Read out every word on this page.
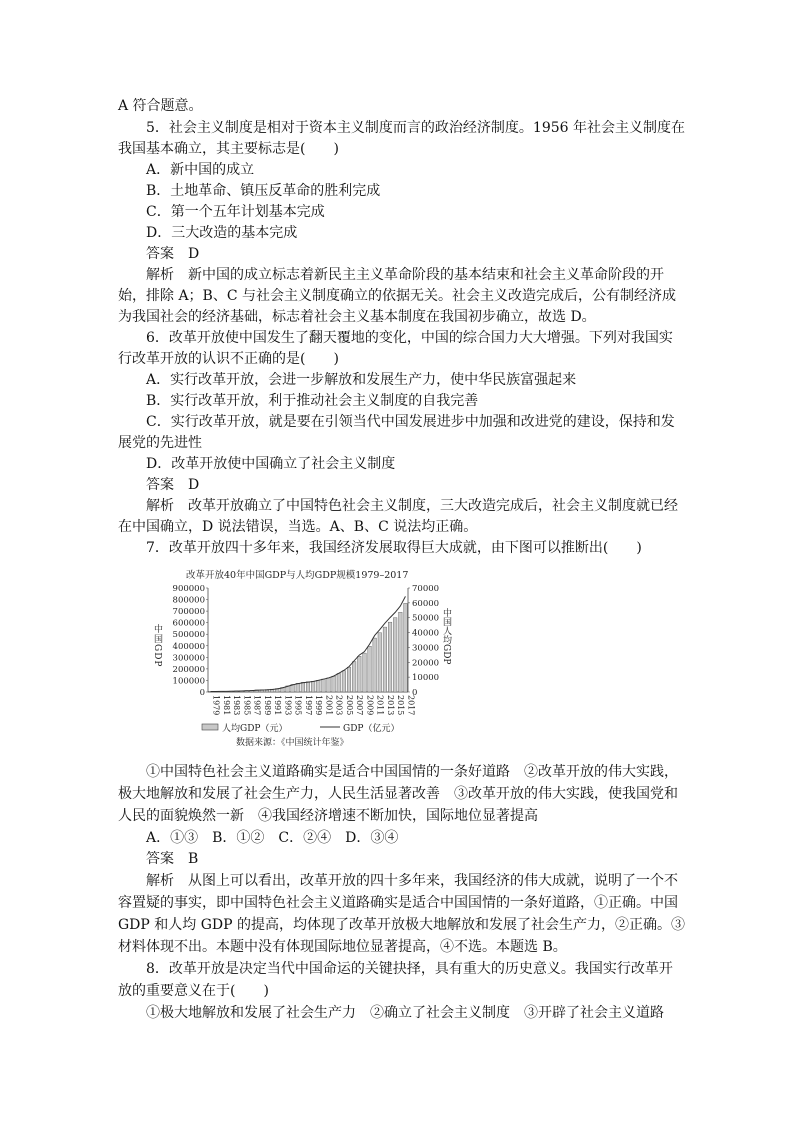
A 符合题意。
5．社会主义制度是相对于资本主义制度而言的政治经济制度。1956 年社会主义制度在
我国基本确立，其主要标志是(　　)
A．新中国的成立
B．土地革命、镇压反革命的胜利完成
C．第一个五年计划基本完成
D．三大改造的基本完成
答案　D
解析　新中国的成立标志着新民主主义革命阶段的基本结束和社会主义革命阶段的开
始，排除 A；B、C 与社会主义制度确立的依据无关。社会主义改造完成后，公有制经济成
为我国社会的经济基础，标志着社会主义基本制度在我国初步确立，故选 D。
6．改革开放使中国发生了翻天覆地的变化，中国的综合国力大大增强。下列对我国实
行改革开放的认识不正确的是(　　)
A．实行改革开放，会进一步解放和发展生产力，使中华民族富强起来
B．实行改革开放，利于推动社会主义制度的自我完善
C．实行改革开放，就是要在引领当代中国发展进步中加强和改进党的建设，保持和发
展党的先进性
D．改革开放使中国确立了社会主义制度
答案　D
解析　改革开放确立了中国特色社会主义制度，三大改造完成后，社会主义制度就已经
在中国确立，D 说法错误，当选。A、B、C 说法均正确。
7．改革开放四十多年来，我国经济发展取得巨大成就，由下图可以推断出(　　)
改革开放40年中国GDP与人均GDP规模1979–2017
900000
800000
700000
600000
500000
400000
300000
200000
100000
0
70000
60000
50000
40000
30000
20000
10000
0
1979 1981 1983 1985 1987 1989 1991 1993 1995 1997 1999 2001 2003 2005 2007 2009 2011 2013 2015 2017
中国GDP	中国人均GDP
人均GDP（元）	GDP（亿元）
数据来源：《中国统计年鉴》
①中国特色社会主义道路确实是适合中国国情的一条好道路　②改革开放的伟大实践，
极大地解放和发展了社会生产力，人民生活显著改善　③改革开放的伟大实践，使我国党和
人民的面貌焕然一新　④我国经济增速不断加快，国际地位显著提高
A．①③　B．①②　C．②④　D．③④
答案　B
解析　从图上可以看出，改革开放的四十多年来，我国经济的伟大成就，说明了一个不
容置疑的事实，即中国特色社会主义道路确实是适合中国国情的一条好道路，①正确。中国
GDP 和人均 GDP 的提高，均体现了改革开放极大地解放和发展了社会生产力，②正确。③
材料体现不出。本题中没有体现国际地位显著提高，④不选。本题选 B。
8．改革开放是决定当代中国命运的关键抉择，具有重大的历史意义。我国实行改革开
放的重要意义在于(　　)
①极大地解放和发展了社会生产力　②确立了社会主义制度　③开辟了社会主义道路
